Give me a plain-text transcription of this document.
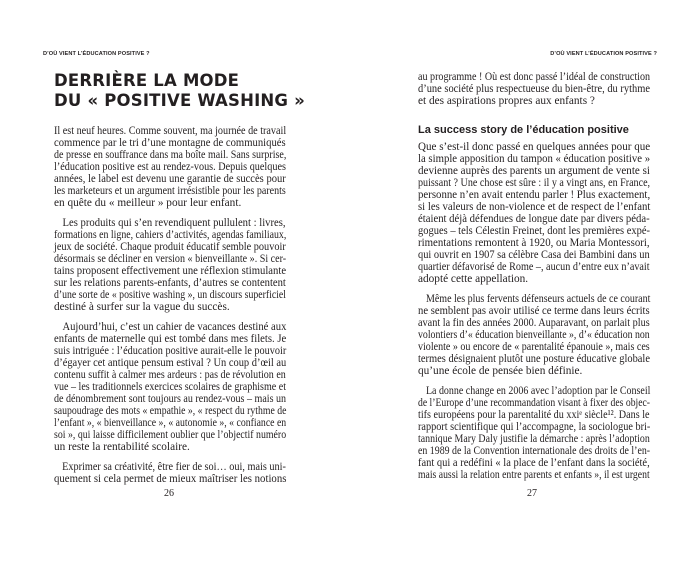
D’OÙ VIENT L’ÉDUCATION POSITIVE ?
DERRIÈRE LA MODE
DU « POSITIVE WASHING »
Il est neuf heures. Comme souvent, ma journée de travail
commence par le tri d’une montagne de communiqués
de presse en souffrance dans ma boîte mail. Sans surprise,
l’éducation positive est au rendez-vous. Depuis quelques
années, le label est devenu une garantie de succès pour
les marketeurs et un argument irrésistible pour les parents
en quête du « meilleur » pour leur enfant.
Les produits qui s’en revendiquent pullulent : livres,
formations en ligne, cahiers d’activités, agendas familiaux,
jeux de société. Chaque produit éducatif semble pouvoir
désormais se décliner en version « bienveillante ». Si cer-
tains proposent effectivement une réflexion stimulante
sur les relations parents-enfants, d’autres se contentent
d’une sorte de « positive washing », un discours superficiel
destiné à surfer sur la vague du succès.
Aujourd’hui, c’est un cahier de vacances destiné aux
enfants de maternelle qui est tombé dans mes filets. Je
suis intriguée : l’éducation positive aurait-elle le pouvoir
d’égayer cet antique pensum estival ? Un coup d’œil au
contenu suffit à calmer mes ardeurs : pas de révolution en
vue – les traditionnels exercices scolaires de graphisme et
de dénombrement sont toujours au rendez-vous – mais un
saupoudrage des mots « empathie », « respect du rythme de
l’enfant », « bienveillance », « autonomie », « confiance en
soi », qui laisse difficilement oublier que l’objectif numéro
un reste la rentabilité scolaire.
Exprimer sa créativité, être fier de soi… oui, mais uni-
quement si cela permet de mieux maîtriser les notions
26
D’OÙ VIENT L’ÉDUCATION POSITIVE ?
au programme ! Où est donc passé l’idéal de construction
d’une société plus respectueuse du bien-être, du rythme
et des aspirations propres aux enfants ?
La success story de l’éducation positive
Que s’est-il donc passé en quelques années pour que
la simple apposition du tampon « éducation positive »
devienne auprès des parents un argument de vente si
puissant ? Une chose est sûre : il y a vingt ans, en France,
personne n’en avait entendu parler ! Plus exactement,
si les valeurs de non-violence et de respect de l’enfant
étaient déjà défendues de longue date par divers péda-
gogues – tels Célestin Freinet, dont les premières expé-
rimentations remontent à 1920, ou Maria Montessori,
qui ouvrit en 1907 sa célèbre Casa dei Bambini dans un
quartier défavorisé de Rome –, aucun d’entre eux n’avait
adopté cette appellation.
Même les plus fervents défenseurs actuels de ce courant
ne semblent pas avoir utilisé ce terme dans leurs écrits
avant la fin des années 2000. Auparavant, on parlait plus
volontiers d’« éducation bienveillante », d’« éducation non
violente » ou encore de « parentalité épanouie », mais ces
termes désignaient plutôt une posture éducative globale
qu’une école de pensée bien définie.
La donne change en 2006 avec l’adoption par le Conseil
de l’Europe d’une recommandation visant à fixer des objec-
tifs européens pour la parentalité du xxiᵉ siècle¹². Dans le
rapport scientifique qui l’accompagne, la sociologue bri-
tannique Mary Daly justifie la démarche : après l’adoption
en 1989 de la Convention internationale des droits de l’en-
fant qui a redéfini « la place de l’enfant dans la société,
mais aussi la relation entre parents et enfants », il est urgent
27
